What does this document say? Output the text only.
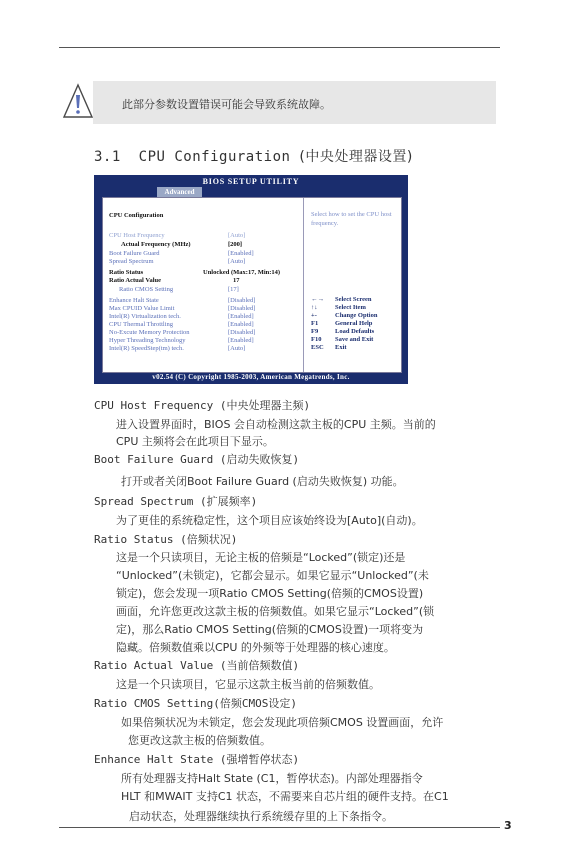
此部分参数设置错误可能会导致系统故障。
3.1 CPU Configuration (中央处理器设置)
BIOS SETUP UTILITY
Advanced
CPU Configuration
CPU Host Frequency	[Auto]
Actual Frequency (MHz)	[200]
Boot Failure Guard	[Enabled]
Spread Spectrum	[Auto]
Ratio Status	Unlocked (Max:17, Min:14)
Ratio Actual Value	17
Ratio CMOS Setting	[17]
Enhance Halt State	[Disabled]
Max CPUID Value Limit	[Disabled]
Intel(R) Virtualization tech.	[Enabled]
CPU Thermal Throttling	[Enabled]
No-Excute Memory Protection	[Disabled]
Hyper Threading Technology	[Enabled]
Intel(R) SpeedStep(tm) tech.	[Auto]
Select how to set the CPU host frequency.
←→ Select Screen
↑↓	Select Item
+-	Change Option
F1	General Help
F9	Load Defaults
F10 Save and Exit
ESC Exit
v02.54 (C) Copyright 1985-2003, American Megatrends, Inc.
CPU Host Frequency (中央处理器主频)
进入设置界面时，BIOS 会自动检测这款主板的CPU 主频。当前的
CPU 主频将会在此项目下显示。
Boot Failure Guard (启动失败恢复)
打开或者关闭Boot Failure Guard (启动失败恢复) 功能。
Spread Spectrum (扩展频率)
为了更佳的系统稳定性，这个项目应该始终设为[Auto](自动)。
Ratio Status (倍频状况)
这是一个只读项目，无论主板的倍频是“Locked”(锁定)还是
“Unlocked”(未锁定)，它都会显示。如果它显示“Unlocked”(未
锁定)，您会发现一项Ratio CMOS Setting(倍频的CMOS设置)
画面，允许您更改这款主板的倍频数值。如果它显示“Locked”(锁
定)，那么Ratio CMOS Setting(倍频的CMOS设置)一项将变为
隐藏。倍频数值乘以CPU 的外频等于处理器的核心速度。
Ratio Actual Value (当前倍频数值)
这是一个只读项目，它显示这款主板当前的倍频数值。
Ratio CMOS Setting(倍频CMOS设定)
如果倍频状况为未锁定，您会发现此项倍频CMOS 设置画面，允许
您更改这款主板的倍频数值。
Enhance Halt State (强增暂停状态)
所有处理器支持Halt State (C1，暂停状态)。内部处理器指令
HLT 和MWAIT 支持C1 状态，不需要来自芯片组的硬件支持。在C1
启动状态，处理器继续执行系统缓存里的上下条指令。
3
